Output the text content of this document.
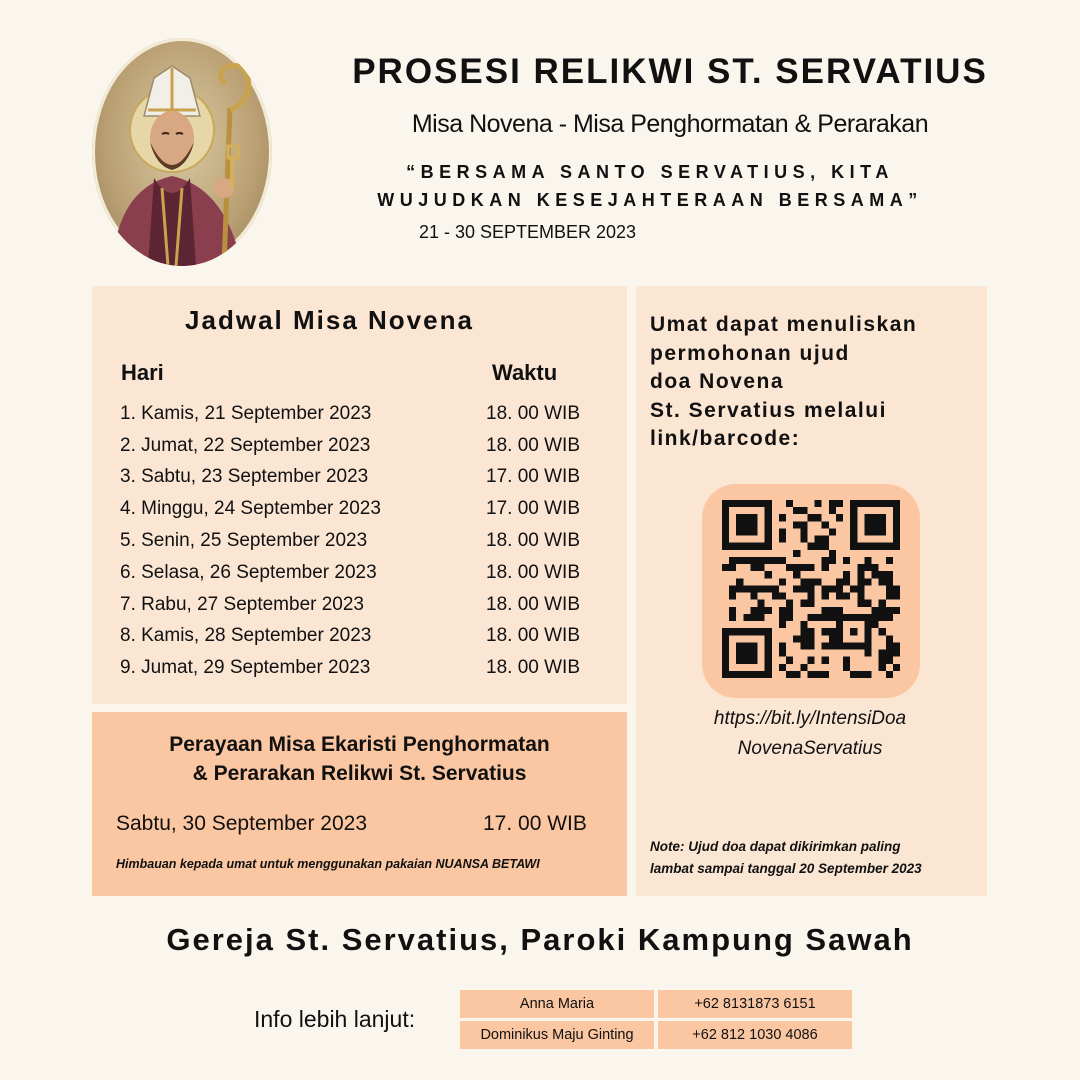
PROSESI RELIKWI ST. SERVATIUS
Misa Novena - Misa Penghormatan & Perarakan
“BERSAMA SANTO SERVATIUS, KITA
WUJUDKAN KESEJAHTERAAN BERSAMA”
21 - 30 SEPTEMBER 2023
Jadwal Misa Novena
Hari	Waktu
1. Kamis, 21 September 2023	18. 00 WIB
2. Jumat, 22 September 2023	18. 00 WIB
3. Sabtu, 23 September 2023	17. 00 WIB
4. Minggu, 24 September 2023	17. 00 WIB
5. Senin, 25 September 2023	18. 00 WIB
6. Selasa, 26 September 2023	18. 00 WIB
7. Rabu, 27 September 2023	18. 00 WIB
8. Kamis, 28 September 2023	18. 00 WIB
9. Jumat, 29 September 2023	18. 00 WIB
Perayaan Misa Ekaristi Penghormatan
& Perarakan Relikwi St. Servatius
Sabtu, 30 September 2023	17. 00 WIB
Himbauan kepada umat untuk menggunakan pakaian NUANSA BETAWI
Umat dapat menuliskan
permohonan ujud
doa Novena
St. Servatius melalui
link/barcode:
https://bit.ly/IntensiDoa
NovenaServatius
Note: Ujud doa dapat dikirimkan paling
lambat sampai tanggal 20 September 2023
Gereja St. Servatius, Paroki Kampung Sawah
Info lebih lanjut:
Anna Maria	+62 8131873 6151
Dominikus Maju Ginting	+62 812 1030 4086
